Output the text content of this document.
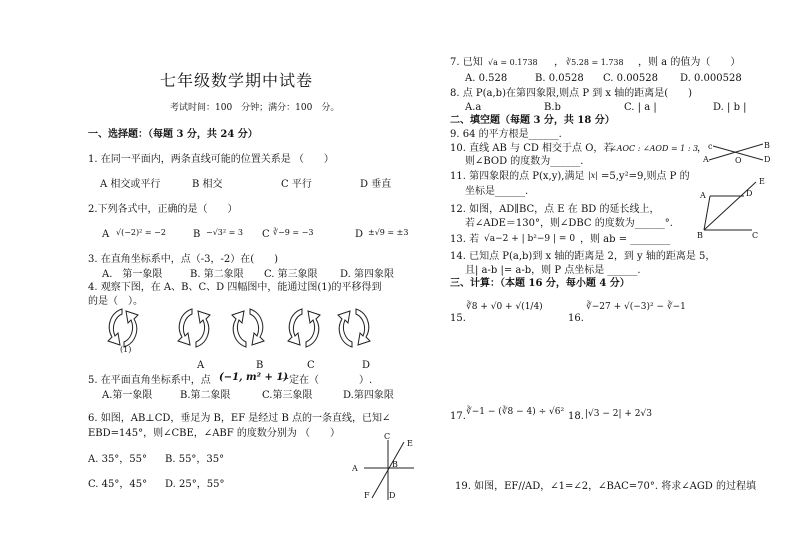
七年级数学期中试卷
考试时间：100　分钟；满分：100　分。
一、选择题：（每题 3 分，共 24 分）
1. 在同一平面内，两条直线可能的位置关系是 （　　）
A 相交或平行	B 相交	C 平行	D 垂直
2.下列各式中，正确的是（　　）
A √(−2)² = −2	B −√3² = 3 C ∛−9 = −3	D ±√9 = ±3
3. 在直角坐标系中，点（-3，-2）在(　　)
A.　第一象限	B. 第二象限 C. 第三象限 D. 第四象限
4. 观察下图，在 A、B、C、D 四幅图中，能通过图(1)的平移得到
的是（　）。
(1)
A	B	C	D
5. 在平面直角坐标系中，点 (−1, m² + 1)
一定在（　　　　）.
A.第一象限	B.第二象限	C.第三象限	D.第四象限
6. 如图，AB⊥CD，垂足为 B，EF 是经过 B 点的一条直线，已知∠
EBD=145°，则∠CBE，∠ABF 的度数分别为 （　　）
A. 35°，55° B. 55°，35°
C. 45°，45° D. 25°，55°
C
E
A	B
D
F
7. 已知 √a = 0.1738 ， ∛5.28 = 1.738 ，则 a 的值为（　　）
A. 0.528	B. 0.0528 C. 0.00528 D. 0.000528
8. 点 P(a,b)在第四象限,则点 P 到 x 轴的距离是(　　)
A.a	B.b	C. | a |	D. | b |
二、填空题（每题 3 分，共 18 分）
9. 64 的平方根是______.
10. 直线 AB 与 CD 相交于点 O，若
∠AOC : ∠AOD = 1 : 3
，
则∠BOD 的度数为______.
c
A	O
B
D
11. 第四象限的点 P(x,y),满足 |x| =5,y²=9,则点 P 的
坐标是______.
12. 如图，AD∥BC，点 E 在 BD 的延长线上，
若∠ADE＝130°，则∠DBC 的度数为______°.
A	D
E
B	C
13. 若 √a−2 + | b²−9 | = 0 ，则 ab = ________
14. 已知点 P(a,b)到 x 轴的距离是 2，到 y 轴的距离是 5，
且| a-b |= a-b，则 P 点坐标是 ______.
三、计算：（本题 16 分，每小题 4 分）
15.
∛8 + √0 + √(1/4)
16.
∛−27 + √(−3)² − ∛−1
17. ∛−1 − (∛8 − 4) ÷ √6² 18. |√3 − 2| + 2√3
19. 如图，EF//AD，∠1=∠2，∠BAC=70°. 将求∠AGD 的过程填
